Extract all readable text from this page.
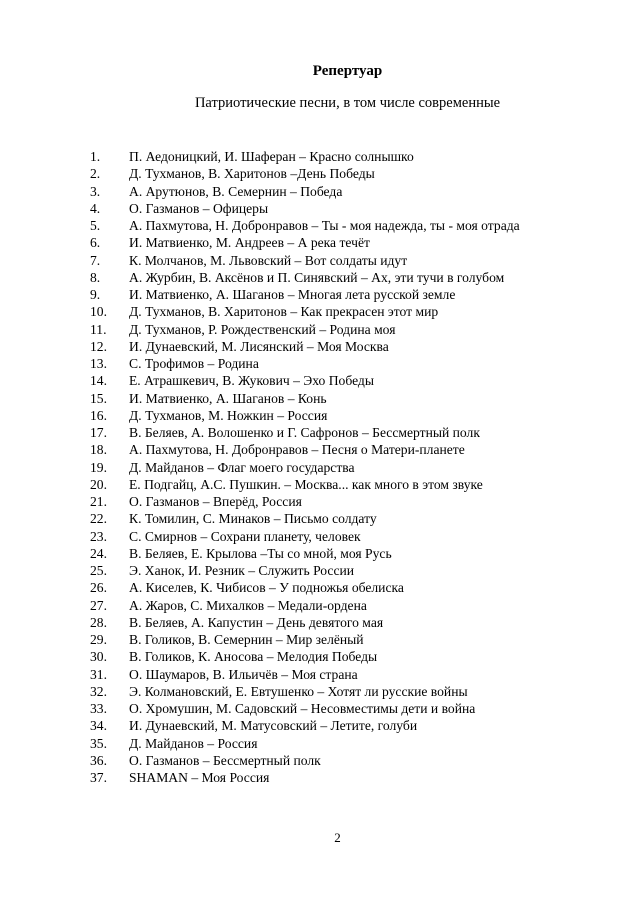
Репертуар
Патриотические песни, в том числе современные
1.	П. Аедоницкий, И. Шаферан – Красно солнышко
2.	Д. Тухманов, В. Харитонов –День Победы
3.	А. Арутюнов, В. Семернин – Победа
4.	О. Газманов – Офицеры
5.	А. Пахмутова, Н. Добронравов – Ты - моя надежда, ты - моя отрада
6.	И. Матвиенко, М. Андреев – А река течёт
7.	К. Молчанов, М. Львовский – Вот солдаты идут
8.	А. Журбин, В. Аксёнов и П. Синявский – Ах, эти тучи в голубом
9.	И. Матвиенко, А. Шаганов – Многая лета русской земле
10.	Д. Тухманов, В. Харитонов – Как прекрасен этот мир
11.	Д. Тухманов, Р. Рождественский – Родина моя
12.	И. Дунаевский, М. Лисянский – Моя Москва
13.	С. Трофимов – Родина
14.	Е. Атрашкевич, В. Жукович – Эхо Победы
15.	И. Матвиенко, А. Шаганов – Конь
16.	Д. Тухманов, М. Ножкин – Россия
17.	В. Беляев, А. Волошенко и Г. Сафронов – Бессмертный полк
18.	А. Пахмутова, Н. Добронравов – Песня о Матери-планете
19.	Д. Майданов – Флаг моего государства
20.	Е. Подгайц, А.С. Пушкин. – Москва... как много в этом звуке
21.	О. Газманов – Вперёд, Россия
22.	К. Томилин, С. Минаков – Письмо солдату
23.	С. Смирнов – Сохрани планету, человек
24.	В. Беляев, Е. Крылова –Ты со мной, моя Русь
25.	Э. Ханок, И. Резник – Служить России
26.	А. Киселев, К. Чибисов – У подножья обелиска
27.	А. Жаров, С. Михалков – Медали-ордена
28.	В. Беляев, А. Капустин – День девятого мая
29.	В. Голиков, В. Семернин – Мир зелёный
30.	В. Голиков, К. Аносова – Мелодия Победы
31.	О. Шаумаров, В. Ильичёв – Моя страна
32.	Э. Колмановский, Е. Евтушенко – Хотят ли русские войны
33.	О. Хромушин, М. Садовский – Несовместимы дети и война
34.	И. Дунаевский, М. Матусовский – Летите, голуби
35.	Д. Майданов – Россия
36.	О. Газманов – Бессмертный полк
37.	SHAMAN – Моя Россия
2
